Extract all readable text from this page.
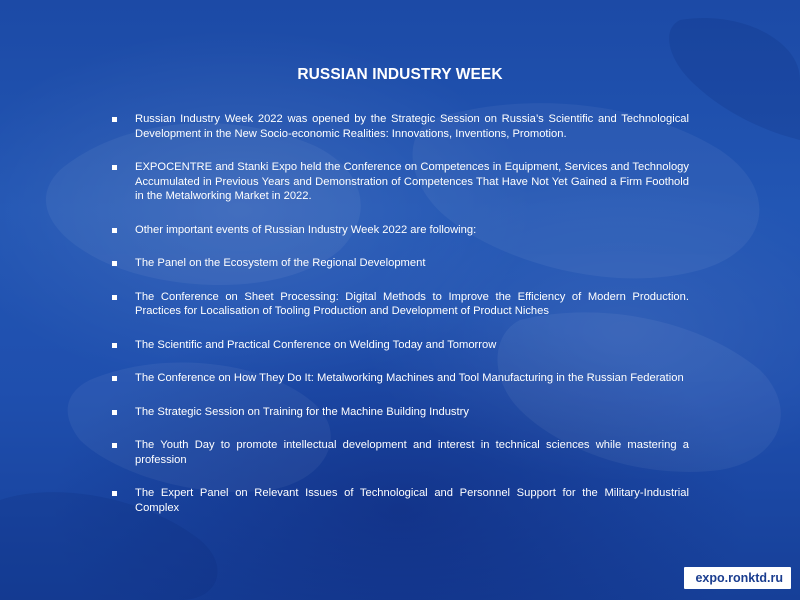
RUSSIAN INDUSTRY WEEK
Russian Industry Week 2022 was opened by the Strategic Session on Russia’s Scientific and Technological Development in the New Socio-economic Realities: Innovations, Inventions, Promotion.
EXPOCENTRE and Stanki Expo held the Conference on Competences in Equipment, Services and Technology Accumulated in Previous Years and Demonstration of Competences That Have Not Yet Gained a Firm Foothold in the Metalworking Market in 2022.
Other important events of Russian Industry Week 2022 are following:
The Panel on the Ecosystem of the Regional Development
The Conference on Sheet Processing: Digital Methods to Improve the Efficiency of Modern Production. Practices for Localisation of Tooling Production and Development of Product Niches
The Scientific and Practical Conference on Welding Today and Tomorrow
The Conference on How They Do It: Metalworking Machines and Tool Manufacturing in the Russian Federation
The Strategic Session on Training for the Machine Building Industry
The Youth Day to promote intellectual development and interest in technical sciences while mastering a profession
The Expert Panel on Relevant Issues of Technological and Personnel Support for the Military-Industrial Complex
expo.ronktd.ru
